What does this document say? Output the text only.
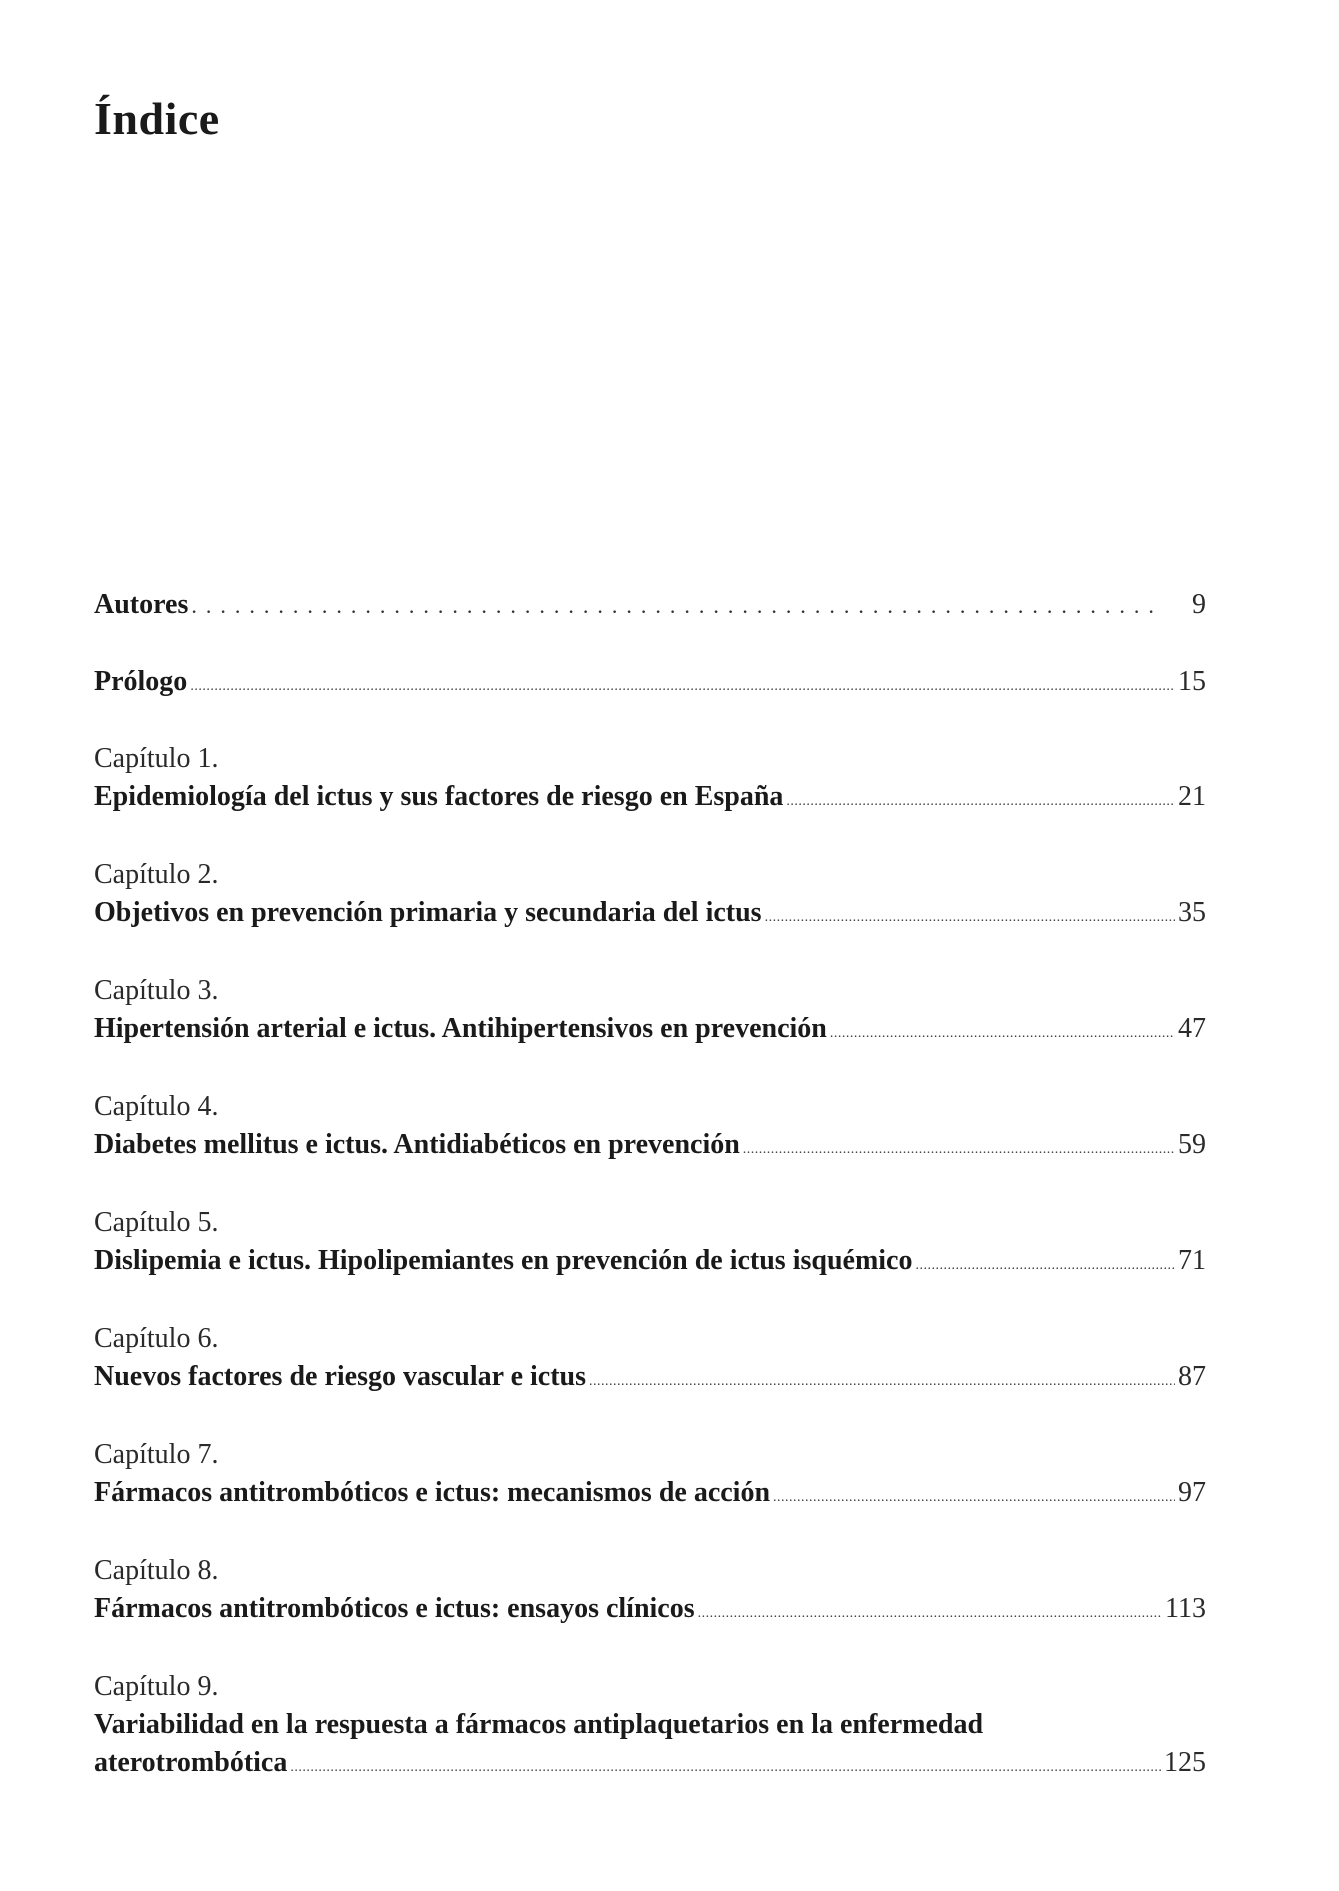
Índice
Autores .....	9
Prólogo .....	15
Capítulo 1.
Epidemiología del ictus y sus factores de riesgo en España .....	21
Capítulo 2.
Objetivos en prevención primaria y secundaria del ictus .....	35
Capítulo 3.
Hipertensión arterial e ictus. Antihipertensivos en prevención .....	47
Capítulo 4.
Diabetes mellitus e ictus. Antidiabéticos en prevención .....	59
Capítulo 5.
Dislipemia e ictus. Hipolipemiantes en prevención de ictus isquémico .....	71
Capítulo 6.
Nuevos factores de riesgo vascular e ictus .....	87
Capítulo 7.
Fármacos antitrombóticos e ictus: mecanismos de acción .....	97
Capítulo 8.
Fármacos antitrombóticos e ictus: ensayos clínicos .....	113
Capítulo 9.
Variabilidad en la respuesta a fármacos antiplaquetarios en la enfermedad
aterotrombótica .....	125
